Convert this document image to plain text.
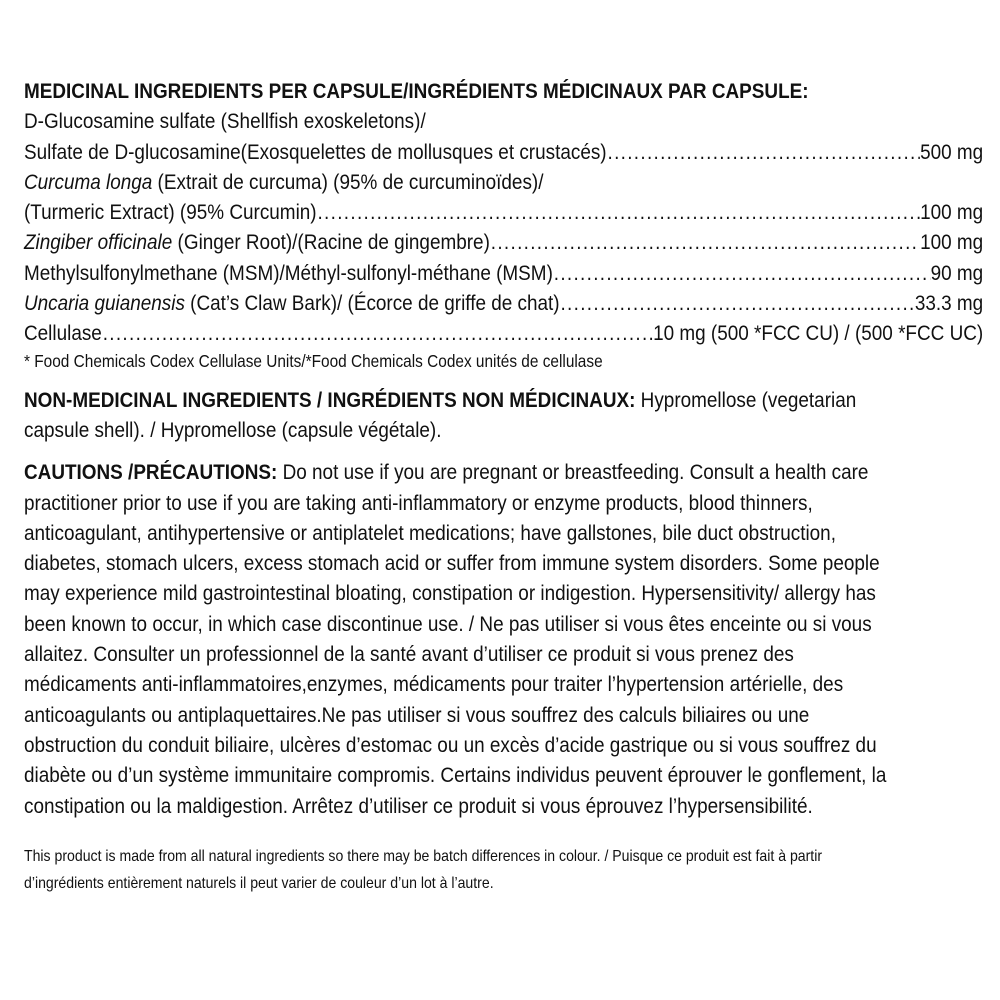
MEDICINAL INGREDIENTS PER CAPSULE/INGRÉDIENTS MÉDICINAUX PAR CAPSULE:
D-Glucosamine sulfate (Shellfish exoskeletons)/
Sulfate de D-glucosamine(Exosquelettes de mollusques et crustacés) .....	500 mg
Curcuma longa (Extrait de curcuma) (95% de curcuminoïdes)/
(Turmeric Extract) (95% Curcumin) .....	100 mg
Zingiber officinale (Ginger Root)/(Racine de gingembre) .....	100 mg
Methylsulfonylmethane (MSM)/Méthyl-sulfonyl-méthane (MSM) .....	90 mg
Uncaria guianensis (Cat’s Claw Bark)/ (Écorce de griffe de chat) .....	33.3 mg
Cellulase .....	10 mg (500 *FCC CU) / (500 *FCC UC)
* Food Chemicals Codex Cellulase Units/*Food Chemicals Codex unités de cellulase
NON-MEDICINAL INGREDIENTS / INGRÉDIENTS NON MÉDICINAUX: Hypromellose (vegetarian
capsule shell). / Hypromellose (capsule végétale).
CAUTIONS /PRÉCAUTIONS: Do not use if you are pregnant or breastfeeding. Consult a health care
practitioner prior to use if you are taking anti-inflammatory or enzyme products, blood thinners,
anticoagulant, antihypertensive or antiplatelet medications; have gallstones, bile duct obstruction,
diabetes, stomach ulcers, excess stomach acid or suffer from immune system disorders. Some people
may experience mild gastrointestinal bloating, constipation or indigestion. Hypersensitivity/ allergy has
been known to occur, in which case discontinue use. / Ne pas utiliser si vous êtes enceinte ou si vous
allaitez. Consulter un professionnel de la santé avant d’utiliser ce produit si vous prenez des
médicaments anti-inflammatoires,enzymes, médicaments pour traiter l’hypertension artérielle, des
anticoagulants ou antiplaquettaires.Ne pas utiliser si vous souffrez des calculs biliaires ou une
obstruction du conduit biliaire, ulcères d’estomac ou un excès d’acide gastrique ou si vous souffrez du
diabète ou d’un système immunitaire compromis. Certains individus peuvent éprouver le gonflement, la
constipation ou la maldigestion. Arrêtez d’utiliser ce produit si vous éprouvez l’hypersensibilité.
This product is made from all natural ingredients so there may be batch differences in colour. / Puisque ce produit est fait à partir
d’ingrédients entièrement naturels il peut varier de couleur d’un lot à l’autre.
